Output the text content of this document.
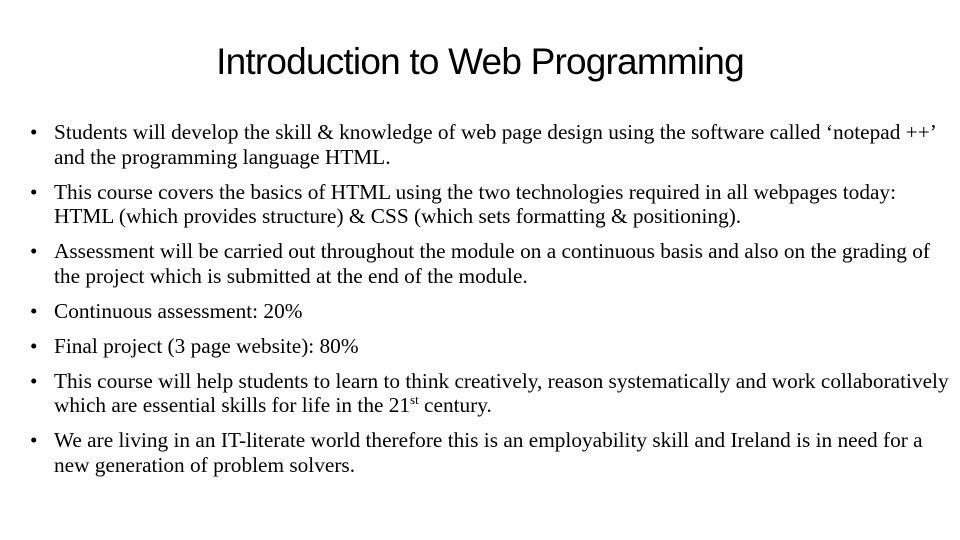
Introduction to Web Programming
• Students will develop the skill & knowledge of web page design using the software called ‘notepad ++’ and the programming language HTML.
• This course covers the basics of HTML using the two technologies required in all webpages today: HTML (which provides structure) & CSS (which sets formatting & positioning).
• Assessment will be carried out throughout the module on a continuous basis and also on the grading of the project which is submitted at the end of the module.
• Continuous assessment: 20%
• Final project (3 page website): 80%
• This course will help students to learn to think creatively, reason systematically and work collaboratively which are essential skills for life in the 21st century.
• We are living in an IT-literate world therefore this is an employability skill and Ireland is in need for a new generation of problem solvers.
